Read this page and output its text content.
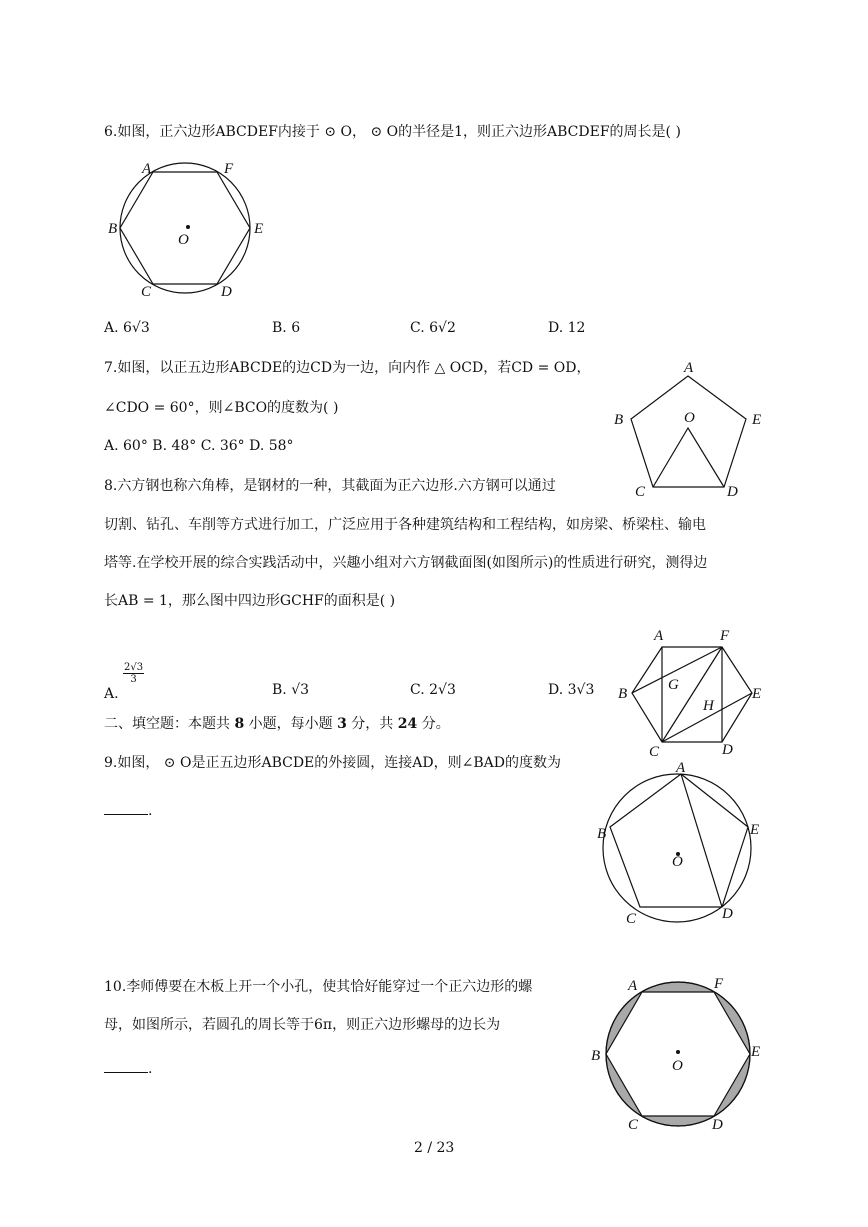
6.如图，正六边形ABCDEF内接于 ⊙ O， ⊙ O的半径是1，则正六边形ABCDEF的周长是( )
A	F
B	E
C	D
O
A. 6√3	B. 6	C. 6√2	D. 12
7.如图，以正五边形ABCDE的边CD为一边，向内作 △ OCD，若CD = OD，
∠CDO = 60°，则∠BCO的度数为( )
A. 60° B. 48° C. 36° D. 58°
A
B	E
O
C	D
8.六方钢也称六角棒，是钢材的一种，其截面为正六边形.六方钢可以通过
切割、钻孔、车削等方式进行加工，广泛应用于各种建筑结构和工程结构，如房梁、桥梁柱、输电
塔等.在学校开展的综合实践活动中，兴趣小组对六方钢截面图(如图所示)的性质进行研究，测得边
长AB = 1，那么图中四边形GCHF的面积是( )
A.
$\frac{2√3}{3}$
B. √3	C. 2√3	D. 3√3
A	F
B
G
E
H
C	D
二、填空题：本题共 8 小题，每小题 3 分，共 24 分。
9.如图， ⊙ O是正五边形ABCDE的外接圆，连接AD，则∠BAD的度数为
.
A
B	E
O
C	D
10.李师傅要在木板上开一个小孔，使其恰好能穿过一个正六边形的螺
母，如图所示，若圆孔的周长等于6π，则正六边形螺母的边长为
.
A	F
B	E
O
C	D
2 / 23
